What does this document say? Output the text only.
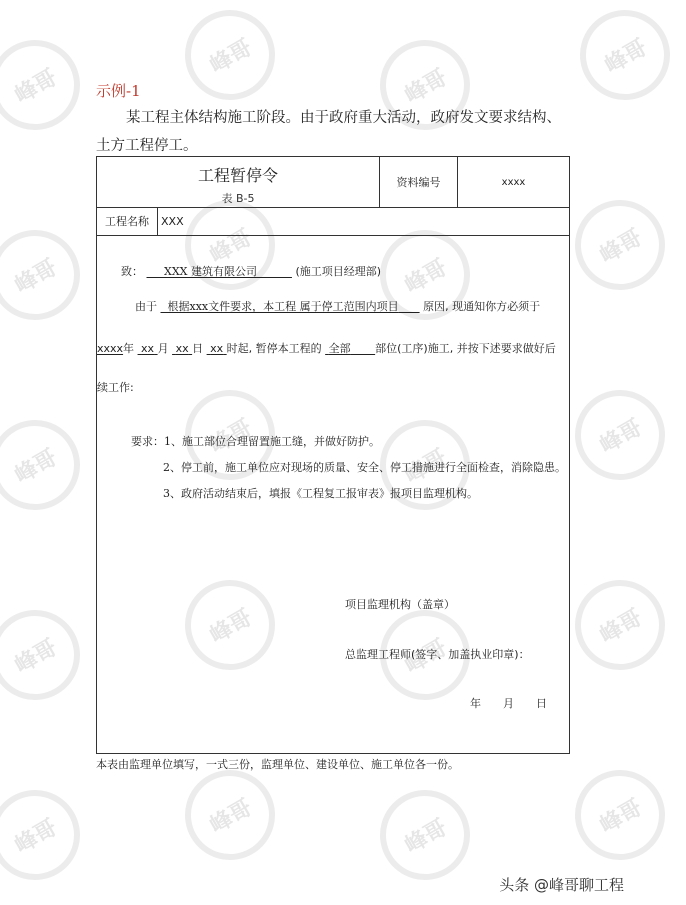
峰哥
峰哥
峰哥
峰哥
峰哥
峰哥
峰哥
峰哥
峰哥
峰哥
峰哥
峰哥
峰哥
峰哥
峰哥
峰哥
峰哥	峰哥	峰哥	峰哥
示例-1
某工程主体结构施工阶段。由于政府重大活动，政府发文要求结构、土方工程停工。
工程暂停令
表 B-5
资料编号	xxxx
工程名称	XXX
致： XXX 建筑有限公司	(施工项目经理部)
由于 根据xxx文件要求，本工程 属于停工范围内项目 原因, 现通知你方必须于
xxxx年 xx 月 xx 日 xx 时起, 暂停本工程的 全部 部位(工序)施工, 并按下述要求做好后
续工作:
要求：1、施工部位合理留置施工缝，并做好防护。
2、停工前，施工单位应对现场的质量、安全、停工措施进行全面检查，消除隐患。
3、政府活动结束后，填报《工程复工报审表》报项目监理机构。
项目监理机构（盖章）
总监理工程师(签字、加盖执业印章)：
年　　月　　日
本表由监理单位填写，一式三份，监理单位、建设单位、施工单位各一份。
头条 @峰哥聊工程
